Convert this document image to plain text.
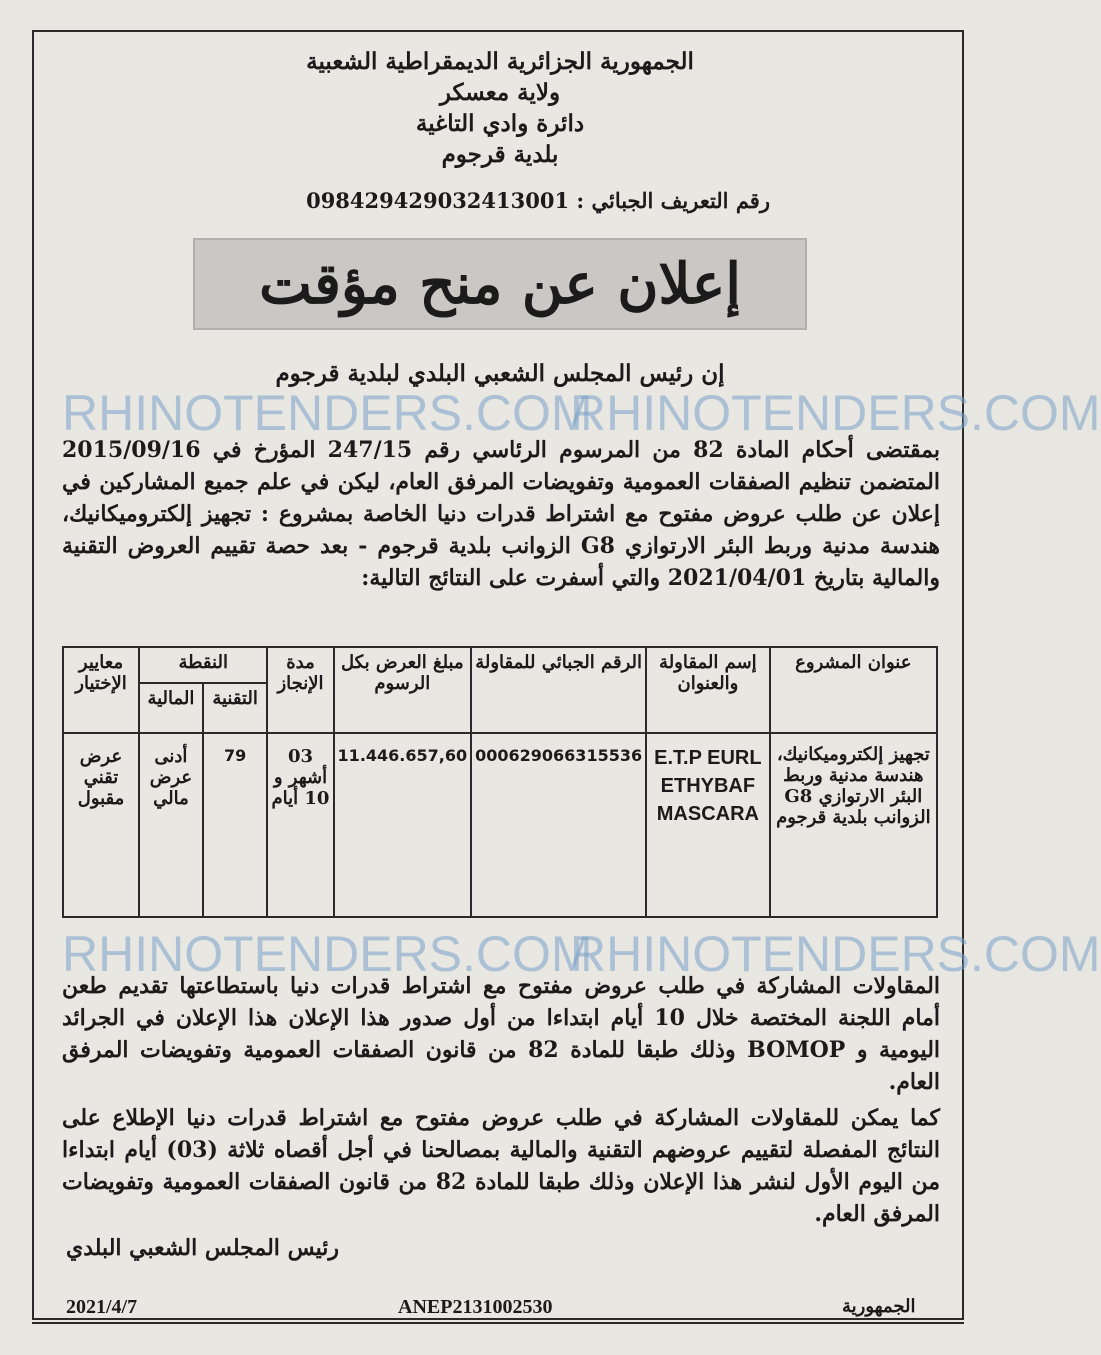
الجمهورية الجزائرية الديمقراطية الشعبية
ولاية معسكر
دائرة وادي التاغية
بلدية قرجوم
رقم التعريف الجبائي : 09842942903241300​1
إعلان عن منح مؤقت
إن رئيس المجلس الشعبي البلدي لبلدية قرجوم
RHINOTENDERS.COM
RHINOTENDERS.COM
بمقتضى أحكام المادة 82 من المرسوم الرئاسي رقم 247/15 المؤرخ في 2015/09/16 المتضمن تنظيم الصفقات العمومية وتفويضات المرفق العام، ليكن في علم جميع المشاركين في إعلان عن طلب عروض مفتوح مع اشتراط قدرات دنيا الخاصة بمشروع : تجهيز إلكتروميكانيك، هندسة مدنية وربط البئر الارتوازي G8 الزوانب بلدية قرجوم - بعد حصة تقييم العروض التقنية والمالية بتاريخ 2021/04/01 والتي أسفرت على النتائج التالية:
عنوان المشروع	إسم المقاولة والعنوان	الرقم الجبائي للمقاولة	مبلغ العرض بكل الرسوم	مدة الإنجاز	النقطة		معايير الإختيار
					التقنية	المالية	
تجهيز إلكتروميكانيك، هندسة مدنية وربط البئر الارتوازي G8 الزوانب بلدية قرجوم	E.T.P EURL ETHYBAF MASCARA	000629066315536	11.446.657,60	03 أشهر و 10 أيام	79	أدنى عرض مالي	عرض تقني مقبول
RHINOTENDERS.COM
RHINOTENDERS.COM
المقاولات المشاركة في طلب عروض مفتوح مع اشتراط قدرات دنيا باستطاعتها تقديم طعن أمام اللجنة المختصة خلال 10 أيام ابتداءا من أول صدور هذا الإعلان هذا الإعلان في الجرائد اليومية و BOMOP وذلك طبقا للمادة 82 من قانون الصفقات العمومية وتفويضات المرفق العام.
كما يمكن للمقاولات المشاركة في طلب عروض مفتوح مع اشتراط قدرات دنيا الإطلاع على النتائج المفصلة لتقييم عروضهم التقنية والمالية بمصالحنا في أجل أقصاه ثلاثة (03) أيام ابتداءا من اليوم الأول لنشر هذا الإعلان وذلك طبقا للمادة 82 من قانون الصفقات العمومية وتفويضات المرفق العام.
رئيس المجلس الشعبي البلدي
2021/4/7	ANEP2131002530	الجمهورية
